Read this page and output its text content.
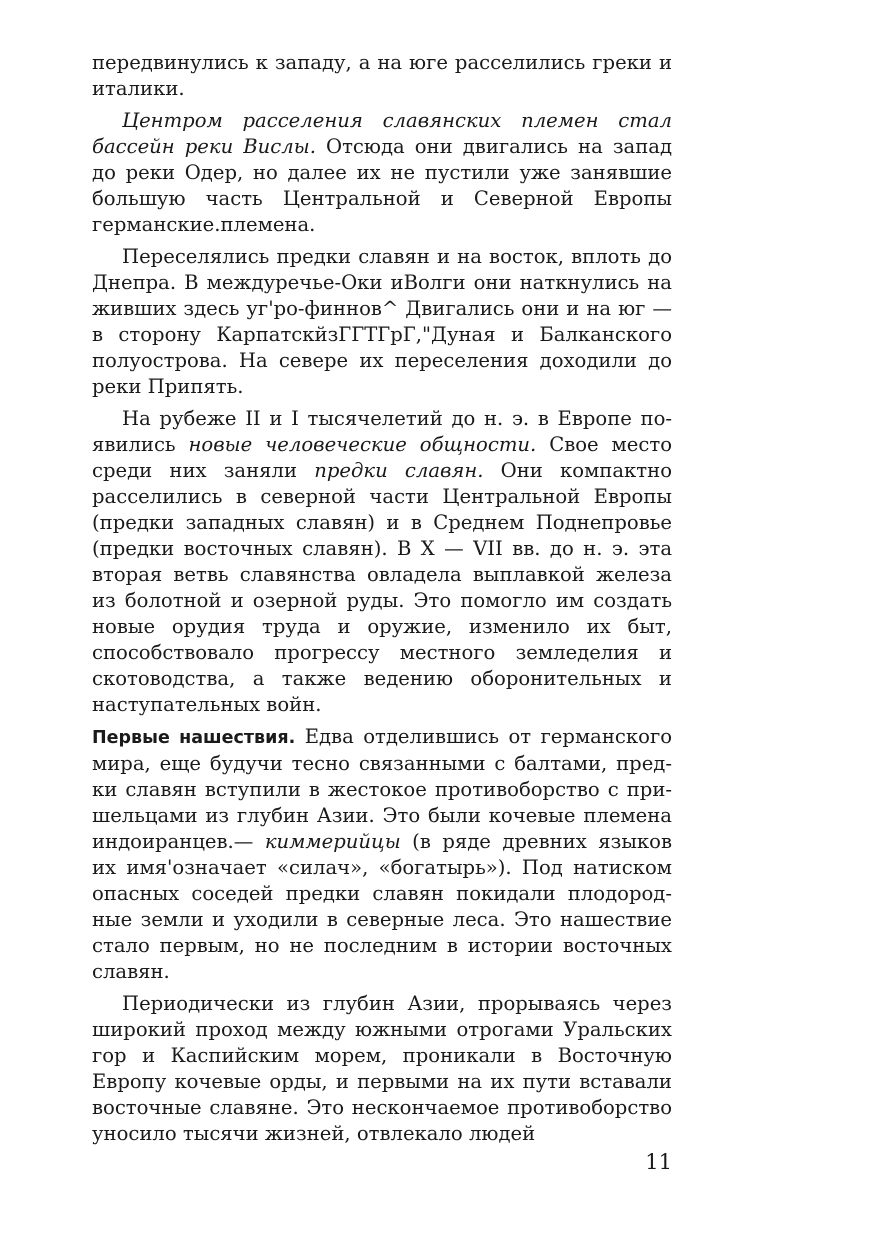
передвинулись к западу, а на юге расселились греки и италики.

Центром расселения славянских племен стал бассейн реки Вислы. Отсюда они двигались на запад до реки Одер, но далее их не пустили уже занявшие большую часть Центральной и Северной Европы германские.племена.

Переселялись предки славян и на восток, вплоть до Днепра. В междуречье-Оки иВолги они наткнулись на живших здесь уг'ро-финнов^ Двигались они и на юг — в сторону КарпатскйзГГТГрГ,"Дуная и Балканского полуострова. На севере их переселения доходили до реки Припять.

На рубеже II и I тысячелетий до н. э. в Европе появились новые человеческие общности. Свое место среди них заняли предки славян. Они компактно расселились в северной части Центральной Европы (предки западных славян) и в Среднем Поднепровье (предки восточных славян). В X — VII вв. до н. э. эта вторая ветвь славянства овладела выплавкой железа из болотной и озерной руды. Это помогло им создать новые орудия труда и оружие, изменило их быт, способствовало прогрессу местного земледелия и скотоводства, а также ведению оборонительных и наступательных войн.

Первые нашествия. Едва отделившись от германского мира, еще будучи тесно связанными с балтами, предки славян вступили в жестокое противоборство с пришельцами из глубин Азии. Это были кочевые племена индоиранцев.— киммерийцы (в ряде древних языков их имя'означает «силач», «богатырь»). Под натиском опасных соседей предки славян покидали плодородные земли и уходили в северные леса. Это нашествие стало первым, но не последним в истории восточных славян.

Периодически из глубин Азии, прорываясь через широкий проход между южными отрогами Уральских гор и Каспийским морем, проникали в Восточную Европу кочевые орды, и первыми на их пути вставали восточные славяне. Это нескончаемое противоборство уносило тысячи жизней, отвлекало людей

11
